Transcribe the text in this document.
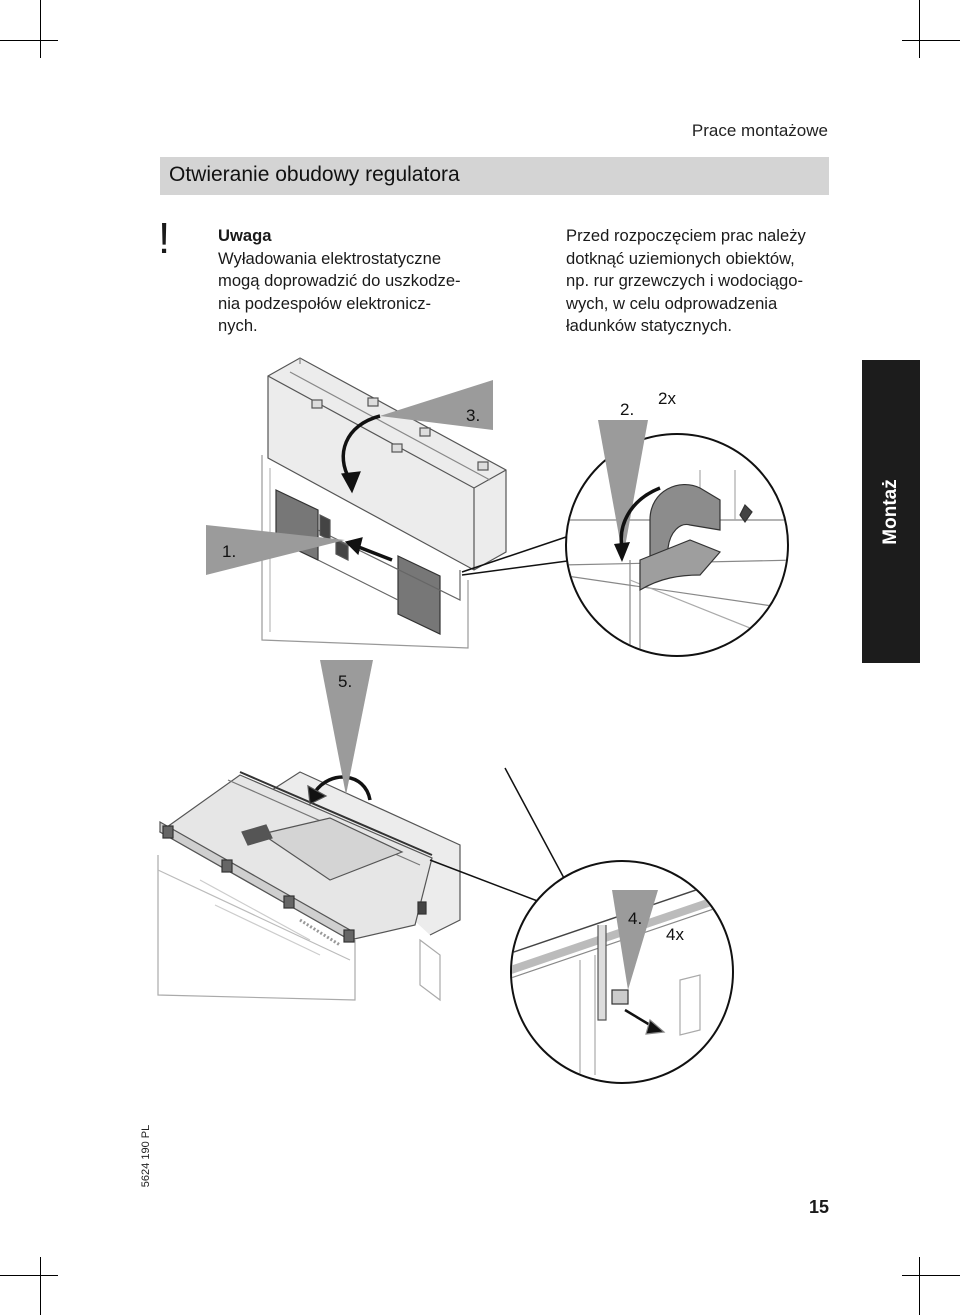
Prace montażowe
Otwieranie obudowy regulatora
!	Uwaga
Wyładowania elektrostatyczne
mogą doprowadzić do uszkodze-
nia podzespołów elektronicz-
nych.
Przed rozpoczęciem prac należy
dotknąć uziemionych obiektów,
np. rur grzewczych i wodociągo-
wych, w celu odprowadzenia
ładunków statycznych.
Montaż
3.
1.
2.
2x
5.
4.
4x
5624 190 PL
15
